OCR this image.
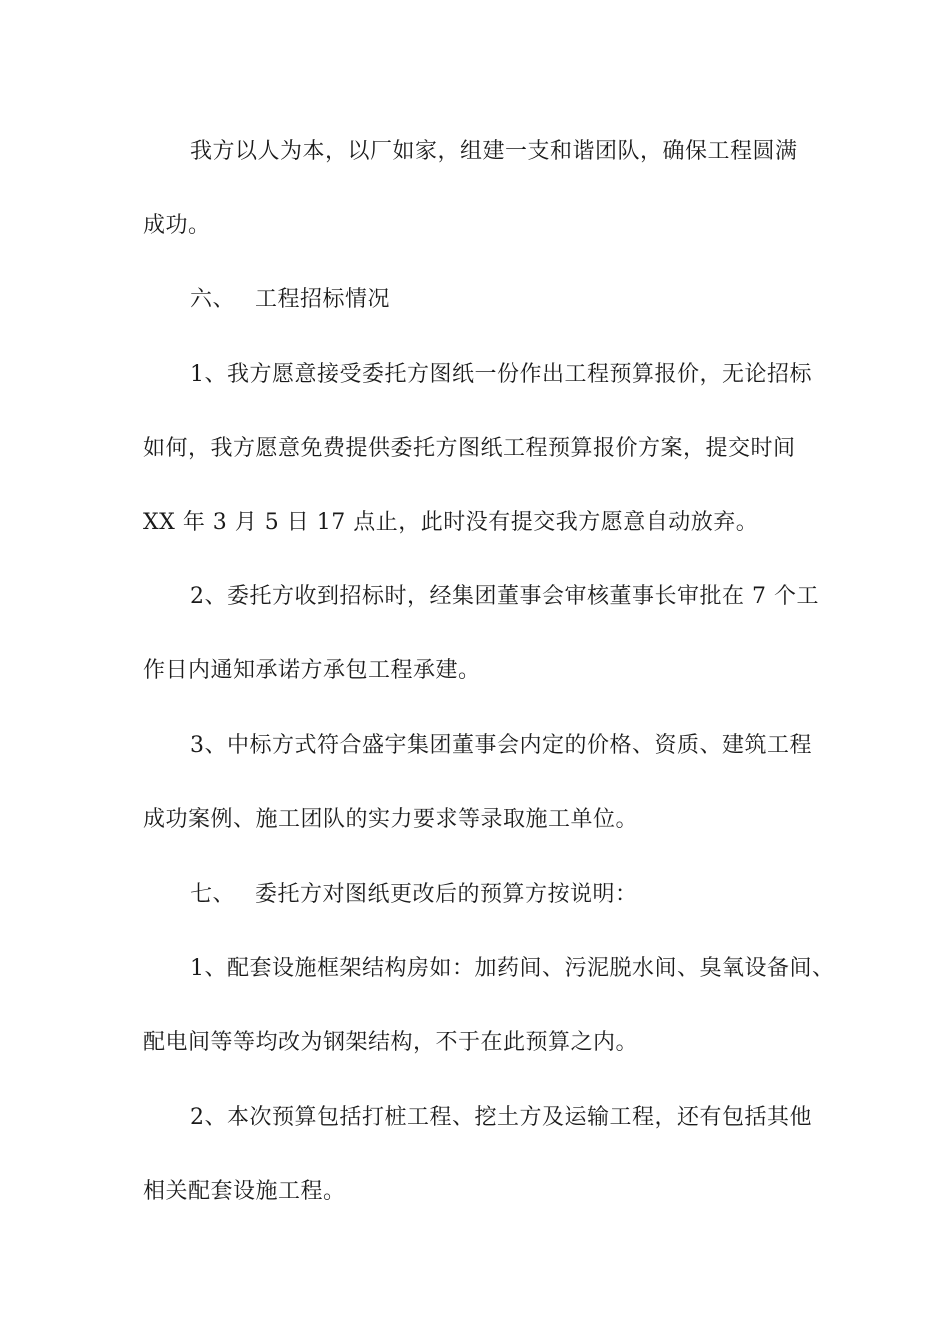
我方以人为本，以厂如家，组建一支和谐团队，确保工程圆满
成功。
六、 工程招标情况
1、我方愿意接受委托方图纸一份作出工程预算报价，无论招标
如何，我方愿意免费提供委托方图纸工程预算报价方案，提交时间
XX 年 3 月 5 日 17 点止，此时没有提交我方愿意自动放弃。
2、委托方收到招标时，经集团董事会审核董事长审批在 7 个工
作日内通知承诺方承包工程承建。
3、中标方式符合盛宇集团董事会内定的价格、资质、建筑工程
成功案例、施工团队的实力要求等录取施工单位。
七、 委托方对图纸更改后的预算方按说明：
1、配套设施框架结构房如：加药间、污泥脱水间、臭氧设备间、
配电间等等均改为钢架结构，不于在此预算之内。
2、本次预算包括打桩工程、挖土方及运输工程，还有包括其他
相关配套设施工程。
